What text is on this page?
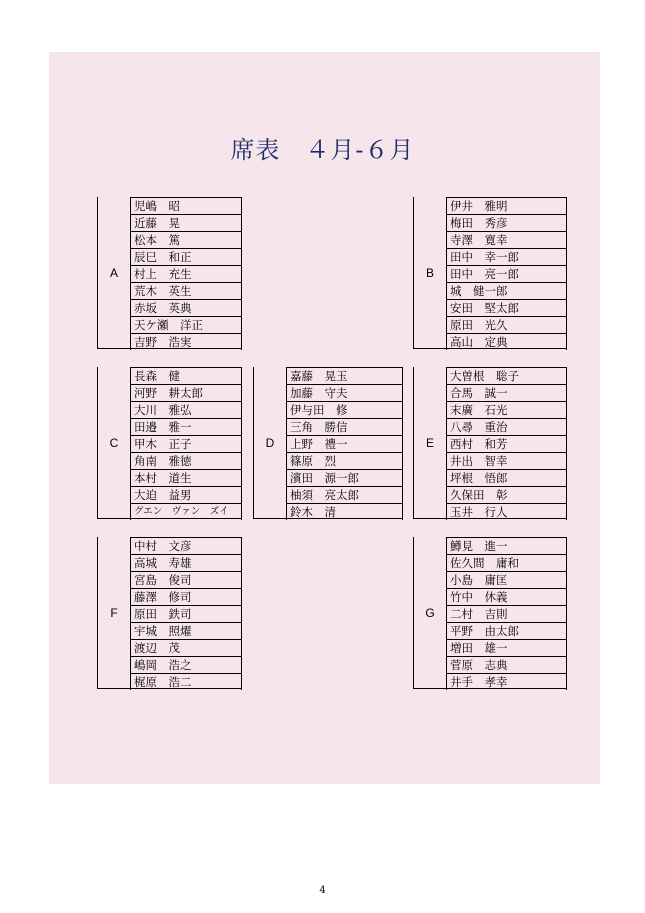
席表　４月-６月
A
児嶋　昭
近藤　晃
松本　篤
辰巳　和正
村上　充生
荒木　英生
赤坂　英典
天ケ瀬　洋正
吉野　浩実
B
伊井　雅明
梅田　秀彦
寺澤　寛幸
田中　幸一郎
田中　亮一郎
城　健一郎
安田　堅太郎
原田　光久
高山　定典
C
長森　健
河野　耕太郎
大川　雅弘
田邉　雅一
甲木　正子
角南　雅徳
本村　道生
大迫　益男
グエン　ヴァン　ズイ
D
嘉藤　晃玉
加藤　守夫
伊与田　修
三角　勝信
上野　禮一
篠原　烈
濱田　源一郎
柚須　亮太郎
鈴木　清
E
大曽根　聡子
合馬　誠一
末廣　石光
八尋　重治
西村　和芳
井出　智幸
坪根　悟郎
久保田　彰
玉井　行人
F
中村　文彦
高城　寿雄
宮島　俊司
藤澤　修司
原田　鉄司
宇城　照燿
渡辺　茂
嶋岡　浩之
梶原　浩二
G
鱒見　進一
佐久間　庸和
小島　庸匡
竹中　休義
二村　吉則
平野　由太郎
増田　雄一
菅原　志典
井手　孝幸
4
